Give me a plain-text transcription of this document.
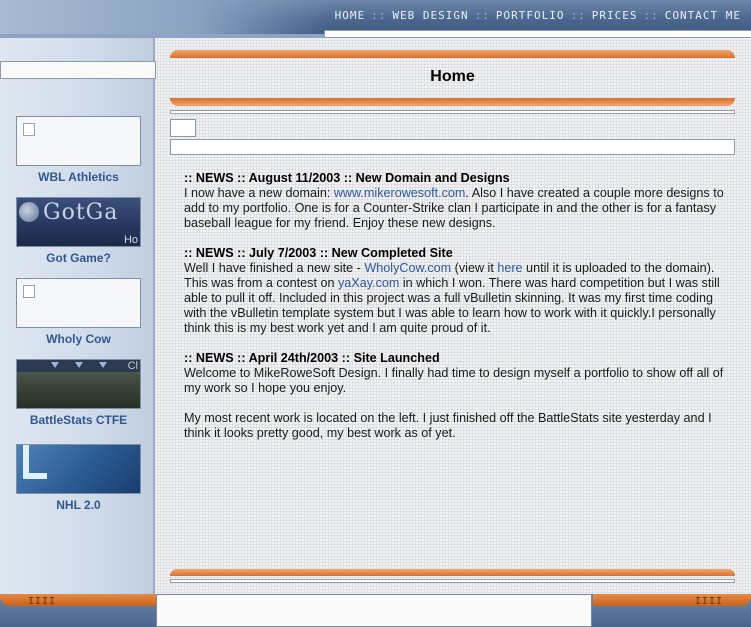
HOME :: WEB DESIGN :: PORTFOLIO :: PRICES :: CONTACT ME
WBL Athletics
GotGa
Ho
Got Game?
Wholy Cow
Cl
BattleStats CTFE
NHL 2.0
Home

:: NEWS :: August 11/2003 :: New Domain and Designs

I now have a new domain: www.mikerowesoft.com. Also I have created a couple more designs to add to my portfolio. One is for a Counter-Strike clan I participate in and the other is for a fantasy baseball league for my friend. Enjoy these new designs.

:: NEWS :: July 7/2003 :: New Completed Site

Well I have finished a new site - WholyCow.com (view it here until it is uploaded to the domain). This was from a contest on yaXay.com in which I won. There was hard competition but I was still able to pull it off. Included in this project was a full vBulletin skinning. It was my first time coding with the vBulletin template system but I was able to learn how to work with it quickly.I personally think this is my best work yet and I am quite proud of it.

:: NEWS :: April 24th/2003 :: Site Launched

Welcome to MikeRoweSoft Design. I finally had time to design myself a portfolio to show off all of my work so I hope you enjoy.

My most recent work is located on the left. I just finished off the BattleStats site yesterday and I think it looks pretty good, my best work as of yet.

IIII	IIII
